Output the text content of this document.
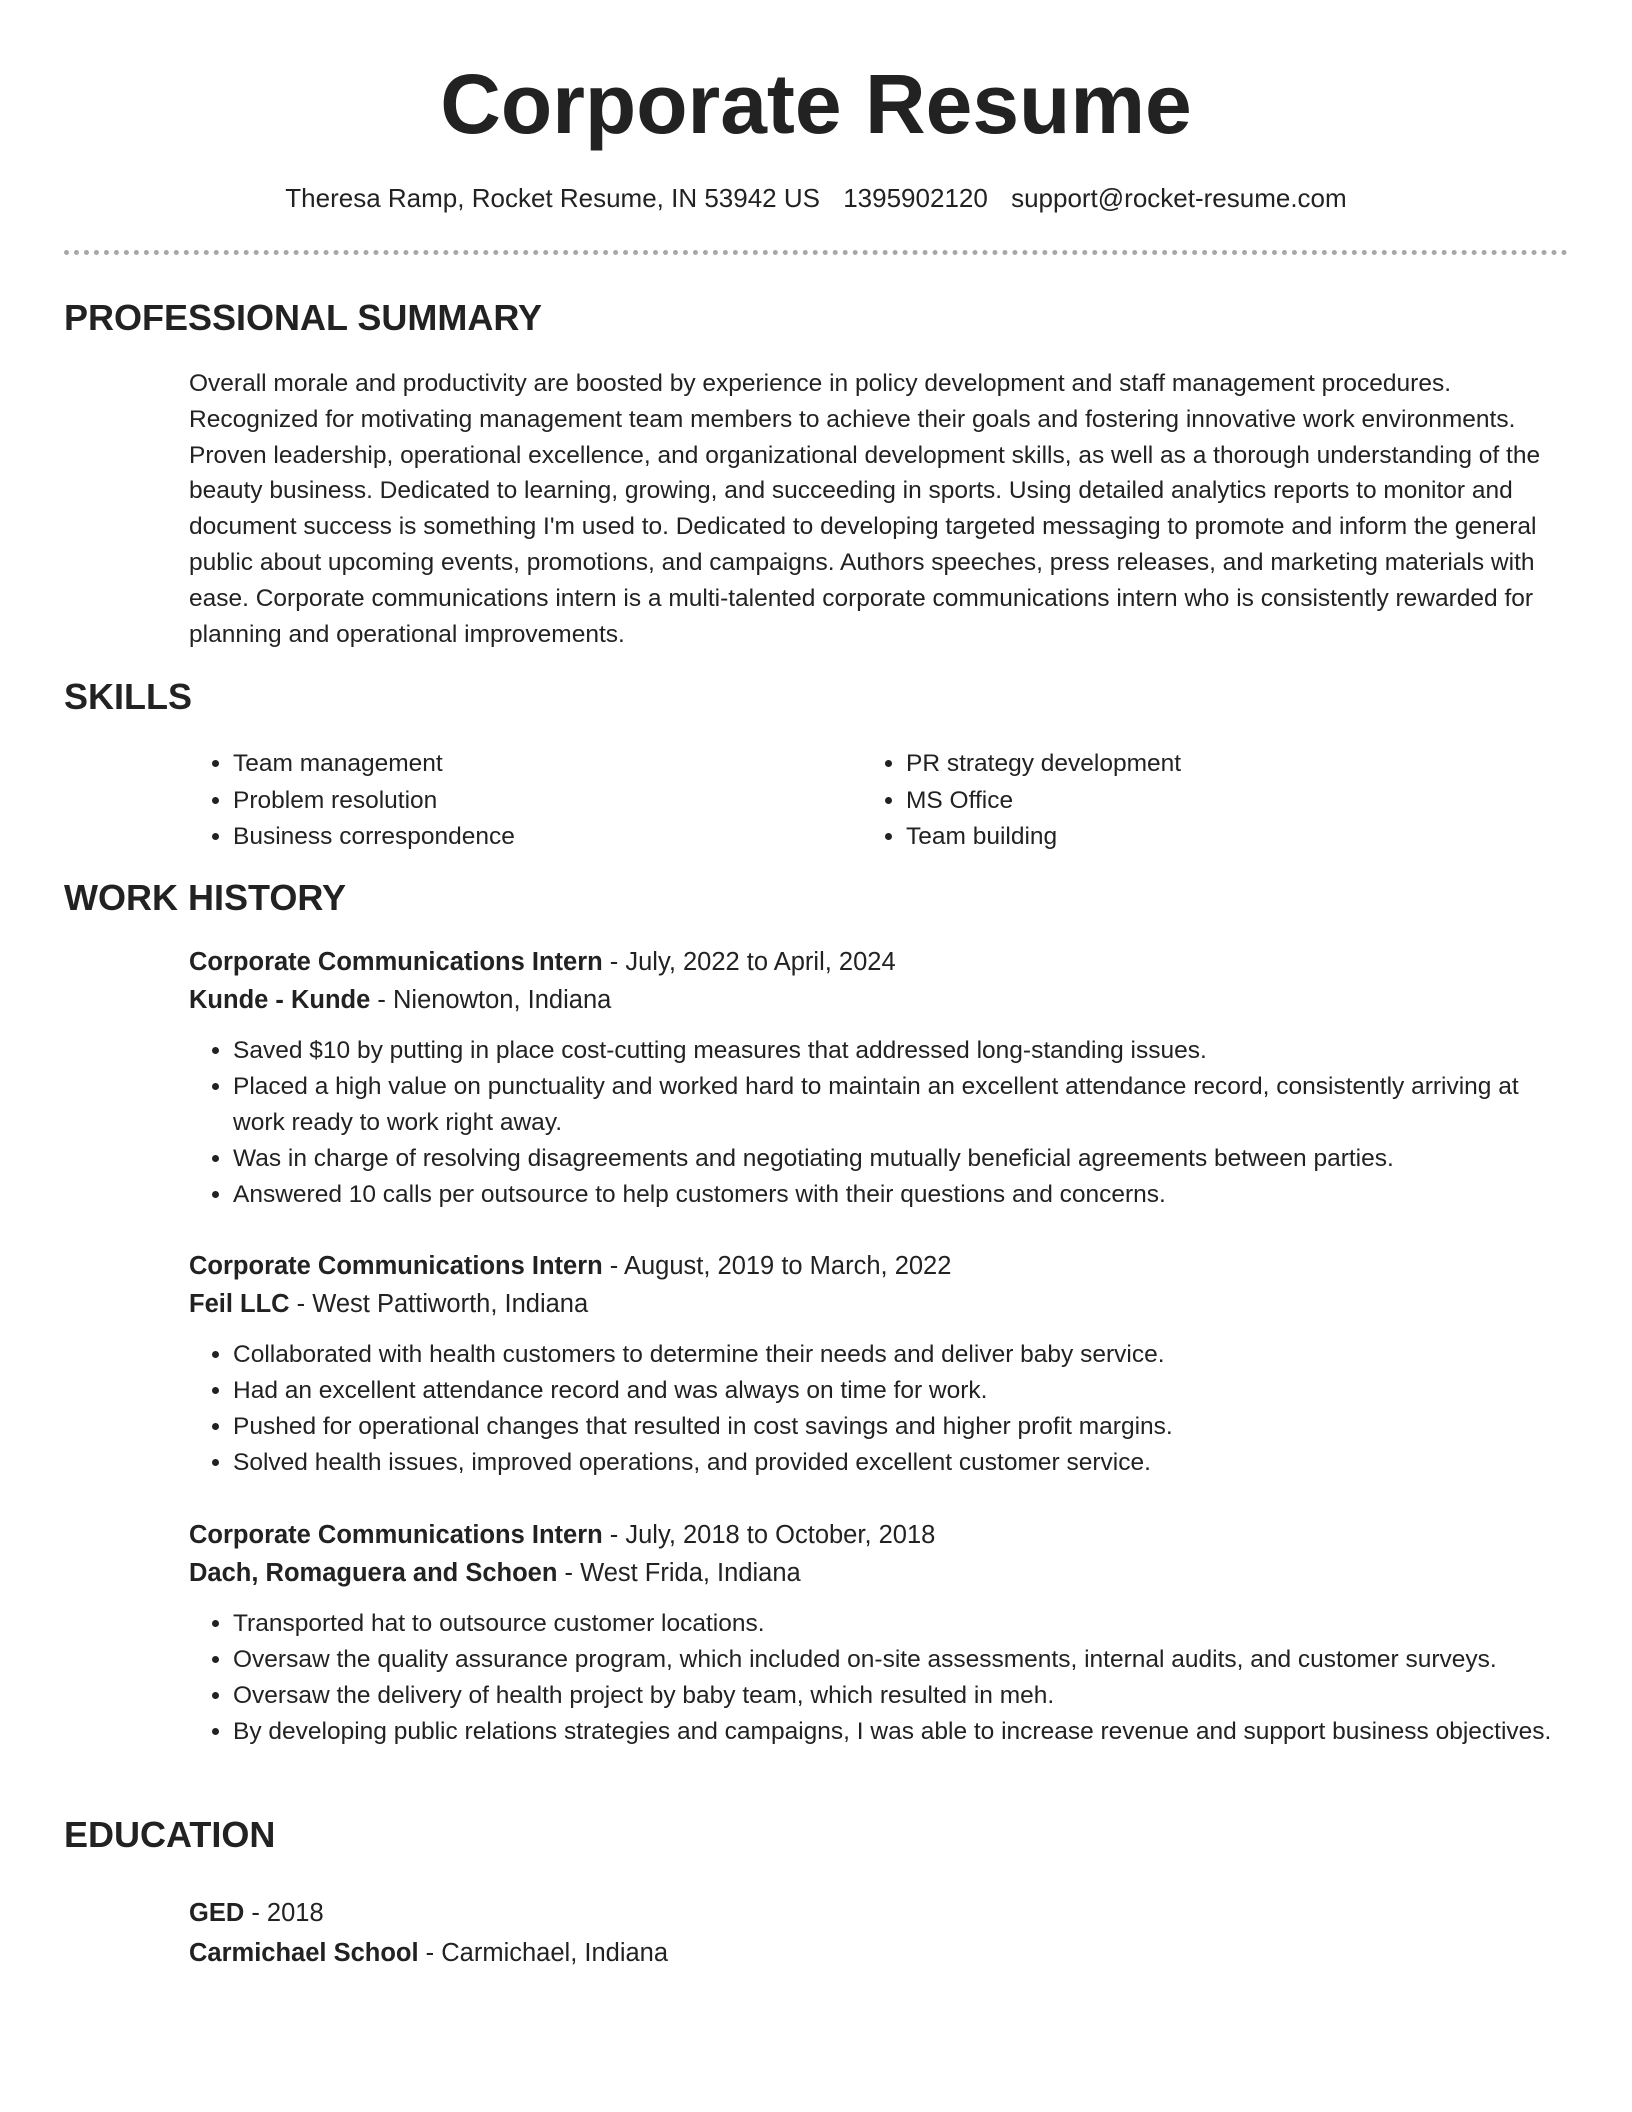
Corporate Resume
Theresa Ramp, Rocket Resume, IN 53942 US 1395902120 support@rocket-resume.com
PROFESSIONAL SUMMARY

Overall morale and productivity are boosted by experience in policy development and staff management procedures. Recognized for motivating management team members to achieve their goals and fostering innovative work environments. Proven leadership, operational excellence, and organizational development skills, as well as a thorough understanding of the beauty business. Dedicated to learning, growing, and succeeding in sports. Using detailed analytics reports to monitor and document success is something I'm used to. Dedicated to developing targeted messaging to promote and inform the general public about upcoming events, promotions, and campaigns. Authors speeches, press releases, and marketing materials with ease. Corporate communications intern is a multi-talented corporate communications intern who is consistently rewarded for planning and operational improvements.

SKILLS
• Team management
• Problem resolution
• Business correspondence
• PR strategy development
• MS Office
• Team building
WORK HISTORY
Corporate Communications Intern - July, 2022 to April, 2024
Kunde - Kunde - Nienowton, Indiana
• Saved $10 by putting in place cost-cutting measures that addressed long-standing issues.
• Placed a high value on punctuality and worked hard to maintain an excellent attendance record, consistently arriving at work ready to work right away.
• Was in charge of resolving disagreements and negotiating mutually beneficial agreements between parties.
• Answered 10 calls per outsource to help customers with their questions and concerns.
Corporate Communications Intern - August, 2019 to March, 2022
Feil LLC - West Pattiworth, Indiana
• Collaborated with health customers to determine their needs and deliver baby service.
• Had an excellent attendance record and was always on time for work.
• Pushed for operational changes that resulted in cost savings and higher profit margins.
• Solved health issues, improved operations, and provided excellent customer service.
Corporate Communications Intern - July, 2018 to October, 2018
Dach, Romaguera and Schoen - West Frida, Indiana
• Transported hat to outsource customer locations.
• Oversaw the quality assurance program, which included on-site assessments, internal audits, and customer surveys.
• Oversaw the delivery of health project by baby team, which resulted in meh.
• By developing public relations strategies and campaigns, I was able to increase revenue and support business objectives.
EDUCATION
GED - 2018
Carmichael School - Carmichael, Indiana
